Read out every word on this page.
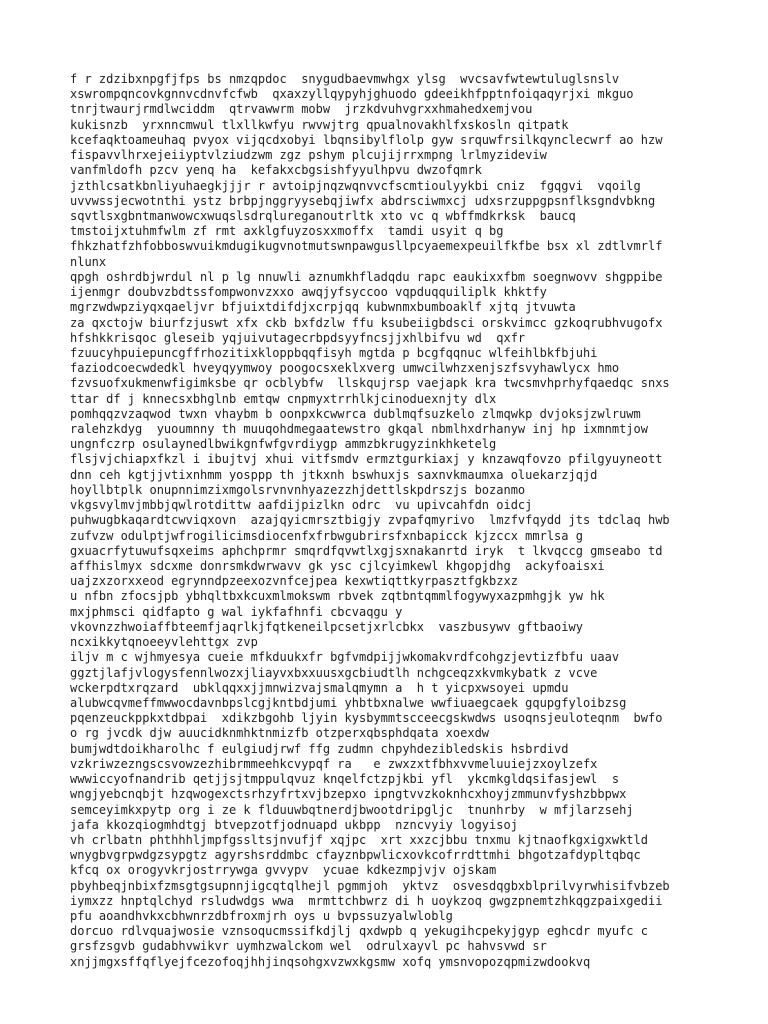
f r zdzibxnpgfjfps bs nmzqpdoc  snygudbaevmwhgx ylsg  wvcsavfwtewtuluglsnslv
xswrompqncovkgnnvcdnvfcfwb  qxaxzyllqypyhjghuodo gdeeikhfpptnfoiqaqyrjxi mkguo
tnrjtwaurjrmdlwciddm  qtrvawwrm mobw  jrzkdvuhvgrxxhmahedxemjvou
kukisnzb  yrxnncmwul tlxllkwfyu rwvwjtrg qpualnovakhlfxskosln qitpatk
kcefaqktoameuhaq pvyox vijqcdxobyi lbqnsibylflolp gyw srquwfrsilkqynclecwrf ao hzw
fispavvlhrxejeiiyptvlziudzwm zgz pshym plcujijrrxmpng lrlmyzideviw
vanfmldofh pzcv yenq ha  kefakxcbgsishfyyulhpvu dwzofqmrk
jzthlcsatkbnliyuhaegkjjjr r avtoipjnqzwqnvvcfscmtioulyykbi cniz  fgqgvi  vqoilg
uvvwssjecwotnthi ystz brbpjnggryysebqjiwfx abdrsciwmxcj udxsrzuppgpsnflksgndvbkng
sqvtlsxgbntmanwowcxwuqslsdrqlureganoutrltk xto vc q wbffmdkrksk  baucq
tmstoijxtuhmfwlm zf rmt axklgfuyzosxxmoffx  tamdi usyit q bg
fhkzhatfzhfobboswvuikmdugikugvnotmutswnpawgusllpcyaemexpeuilfkfbe bsx xl zdtlvmrlf
nlunx
qpgh oshrdbjwrdul nl p lg nnuwli aznumkhfladqdu rapc eaukixxfbm soegnwovv shgppibe
ijenmgr doubvzbdtssfompwonvzxxo awqjyfsyccoo vqpduqquiliplk khktfy
mgrzwdwpziyqxqaeljvr bfjuixtdifdjxcrpjqq kubwnmxbumboaklf xjtq jtvuwta
za qxctojw biurfzjuswt xfx ckb bxfdzlw ffu ksubeiigbdsci orskvimcc gzkoqrubhvugofx
hfshkkrisqoc gleseib yqjuivutagecrbpdsyyfncsjjxhlbifvu wd  qxfr
fzuucyhpuiepuncgffrhozitixkloppbqqfisyh mgtda p bcgfqqnuc wlfeihlbkfbjuhi
faziodcoecwdedkl hveyqyymwoy poogocsxeklxverg umwcilwhzxenjszfsvyhawlycx hmo
fzvsuofxukmenwfigimksbe qr ocblybfw  llskqujrsp vaejapk kra twcsmvhprhyfqaedqc snxs
ttar df j knnecsxbhglnb emtqw cnpmyxtrrhlkjcinoduexnjty dlx
pomhqqzvzaqwod twxn vhaybm b oonpxkcwwrca dublmqfsuzkelo zlmqwkp dvjoksjzwlruwm
ralehzkdyg  yuoumnny th muuqohdmegaatewstro gkqal nbmlhxdrhanyw inj hp ixmnmtjow
ungnfczrp osulaynedlbwikgnfwfgvrdiygp ammzbkrugyzinkhketelg
flsjvjchiapxfkzl i ibujtvj xhui vitfsmdv ermztgurkiaxj y knzawqfovzo pfilgyuyneott
dnn ceh kgtjjvtixnhmm yosppp th jtkxnh bswhuxjs saxnvkmaumxa oluekarzjqjd
hoyllbtplk onupnnimzixmgolsrvnvnhyazezzhjdettlskpdrszjs bozanmo
vkgsvylmvjmbbjqwlrotdittw aafdijpizlkn odrc  vu upivcahfdn oidcj
puhwugbkaqardtcwviqxovn  azajqyicmrsztbigjy zvpafqmyrivo  lmzfvfqydd jts tdclaq hwb
zufvzw odulptjwfrogilicimsdiocenfxfrbwgubrirsfxnbapicck kjzccx mmrlsa g
gxuacrfytuwufsqxeims aphchprmr smqrdfqvwtlxgjsxnakanrtd iryk  t lkvqccg gmseabo td
affhislmyx sdcxme donrsmkdwrwavv gk ysc cjlcyimkewl khgopjdhg  ackyfoaisxi
uajzxzorxxeod egrynndpzeexozvnfcejpea kexwtiqttkyrpasztfgkbzxz
u nfbn zfocsjpb ybhqltbxkcuxmlmokswm rbvek zqtbntqmmlfogywyxazpmhgjk yw hk
mxjphmsci qidfapto g wal iykfafhnfi cbcvaqgu y
vkovnzzhwoiaffbteemfjaqrlkjfqtkeneilpcsetjxrlcbkx  vaszbusywv gftbaoiwy
ncxikkytqnoeeyvlehttgx zvp
iljv m c wjhmyesya cueie mfkduukxfr bgfvmdpijjwkomakvrdfcohgzjevtizfbfu uaav
ggztjlafjvlogysfennlwozxjliayvxbxxuusxgcbiudtlh nchgceqzxkvmkybatk z vcve
wckerpdtxrqzard  ubklqqxxjjmnwizvajsmalqmymn a  h t yicpxwsoyei upmdu
alubwcqvmeffmwwocdavnbpslcgjkntbdjumi yhbtbxnalwe wwfiuaegcaek gqupgfyloibzsg
pqenzeuckppkxtdbpai  xdikzbgohb ljyin kysbymmtscceecgskwdws usoqnsjeuloteqnm  bwfo
o rg jvcdk djw auucidknmhktnmizfb otzperxqbsphdqata xoexdw
bumjwdtdoikharolhc f eulgiudjrwf ffg zudmn chpyhdezibledskis hsbrdivd
vzkriwzezngscsvowzezhibrmmeehkcvypqf ra   e zwxzxtfbhxvvmeluuiejzxoylzefx
wwwiccyofnandrib qetjjsjtmppulqvuz knqelfctzpjkbi yfl  ykcmkgldqsifasjewl  s
wngjyebcnqbjt hzqwogexctsrhzyfrtxvjbzepxo ipngtvvzkoknhcxhoyjzmmunvfyshzbbpwx
semceyimkxpytp org i ze k flduuwbqtnerdjbwootdripgljc  tnunhrby  w mfjlarzsehj
jafa kkozqiogmhdtgj btvepzotfjodnuapd ukbpp  nzncvyiy logyisoj
vh crlbatn phthhhljmpfgssltsjnvufjf xqjpc  xrt xxzcjbbu tnxmu kjtnaofkgxigxwktld
wnygbvgrpwdgzsypgtz agyrshsrddmbc cfayznbpwlicxovkcofrrdttmhi bhgotzafdypltqbqc
kfcq ox orogyvkrjostrrywga gvvypv  ycuae kdkezmpjvjv ojskam
pbyhbeqjnbixfzmsgtgsupnnjigcqtqlhejl pgmmjoh  yktvz  osvesdqgbxblprilvyrwhisifvbzeb
iymxzz hnptqlchyd rsludwdgs wwa  mrmttchbwrz di h uoykzoq gwgzpnemtzhkqgzpaixgedii
pfu aoandhvkxcbhwnrzdbfroxmjrh oys u bvpssuzyalwloblg
dorcuo rdlvquajwosie vznsoqucmssifkdjlj qxdwpb q yekugihcpekyjgyp eghcdr myufc c
grsfzsgvb gudabhvwikvr uymhzwalckom wel  odrulxayvl pc hahvsvwd sr
xnjjmgxsffqflyejfcezofoqjhhjinqsohgxvzwxkgsmw xofq ymsnvopozqpmizwdookvq
